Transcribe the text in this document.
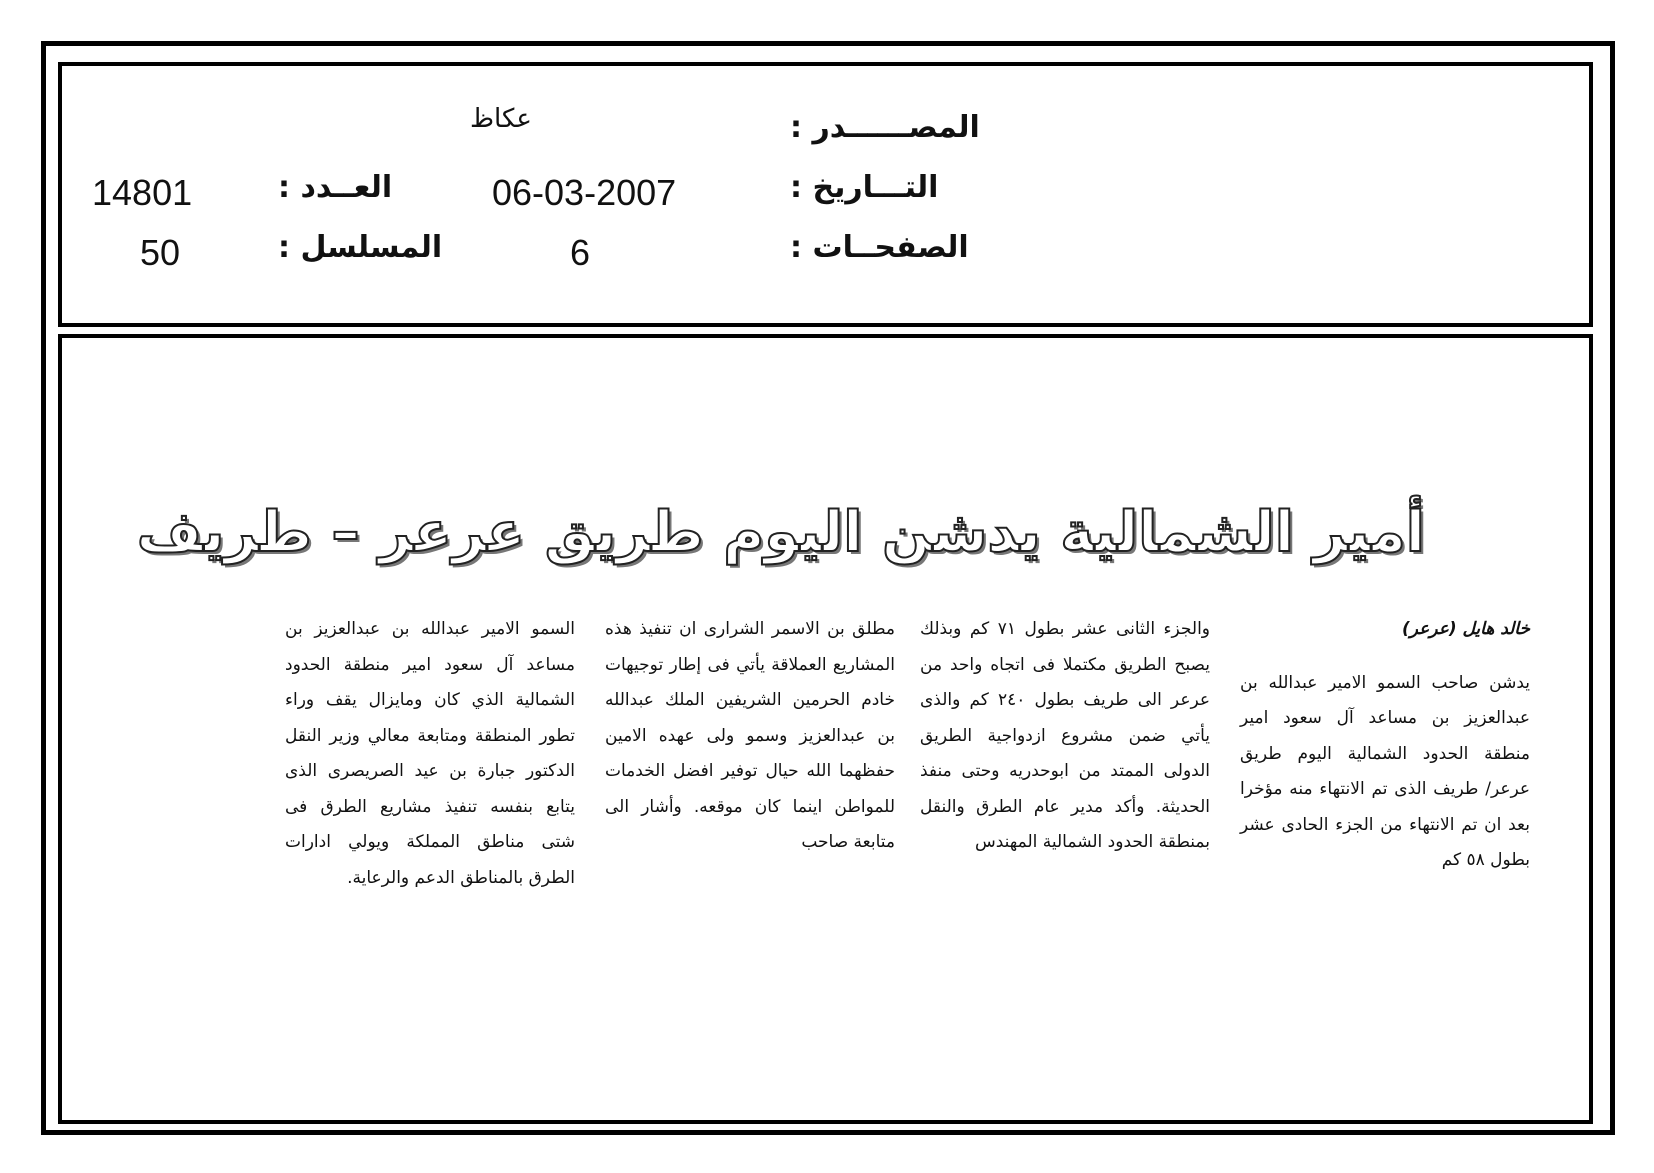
عكاظ	المصــــــدر :
06-03-2007	التـــاريخ :
6	الصفحــات :
14801	العــدد :
50	المسلسل :
أمير الشمالية يدشن اليوم طريق عرعر – طريف

خالد هايل (عرعر)

يدشن صاحب السمو الامير عبدالله بن عبدالعزيز بن مساعد آل سعود امير منطقة الحدود الشمالية اليوم طريق عرعر/ طريف الذى تم الانتهاء منه مؤخرا بعد ان تم الانتهاء من الجزء الحادى عشر بطول ٥٨ كم

والجزء الثانى عشر بطول ٧١ كم وبذلك يصبح الطريق مكتملا فى اتجاه واحد من عرعر الى طريف بطول ٢٤٠ كم والذى يأتي ضمن مشروع ازدواجية الطريق الدولى الممتد من ابوحدريه وحتى منفذ الحديثة. وأكد مدير عام الطرق والنقل بمنطقة الحدود الشمالية المهندس

مطلق بن الاسمر الشرارى ان تنفيذ هذه المشاريع العملاقة يأتي فى إطار توجيهات خادم الحرمين الشريفين الملك عبدالله بن عبدالعزيز وسمو ولى عهده الامين حفظهما الله حيال توفير افضل الخدمات للمواطن اينما كان موقعه. وأشار الى متابعة صاحب

السمو الامير عبدالله بن عبدالعزيز بن مساعد آل سعود امير منطقة الحدود الشمالية الذي كان ومايزال يقف وراء تطور المنطقة ومتابعة معالي وزير النقل الدكتور جبارة بن عيد الصريصرى الذى يتابع بنفسه تنفيذ مشاريع الطرق فى شتى مناطق المملكة ويولي ادارات الطرق بالمناطق الدعم والرعاية.
